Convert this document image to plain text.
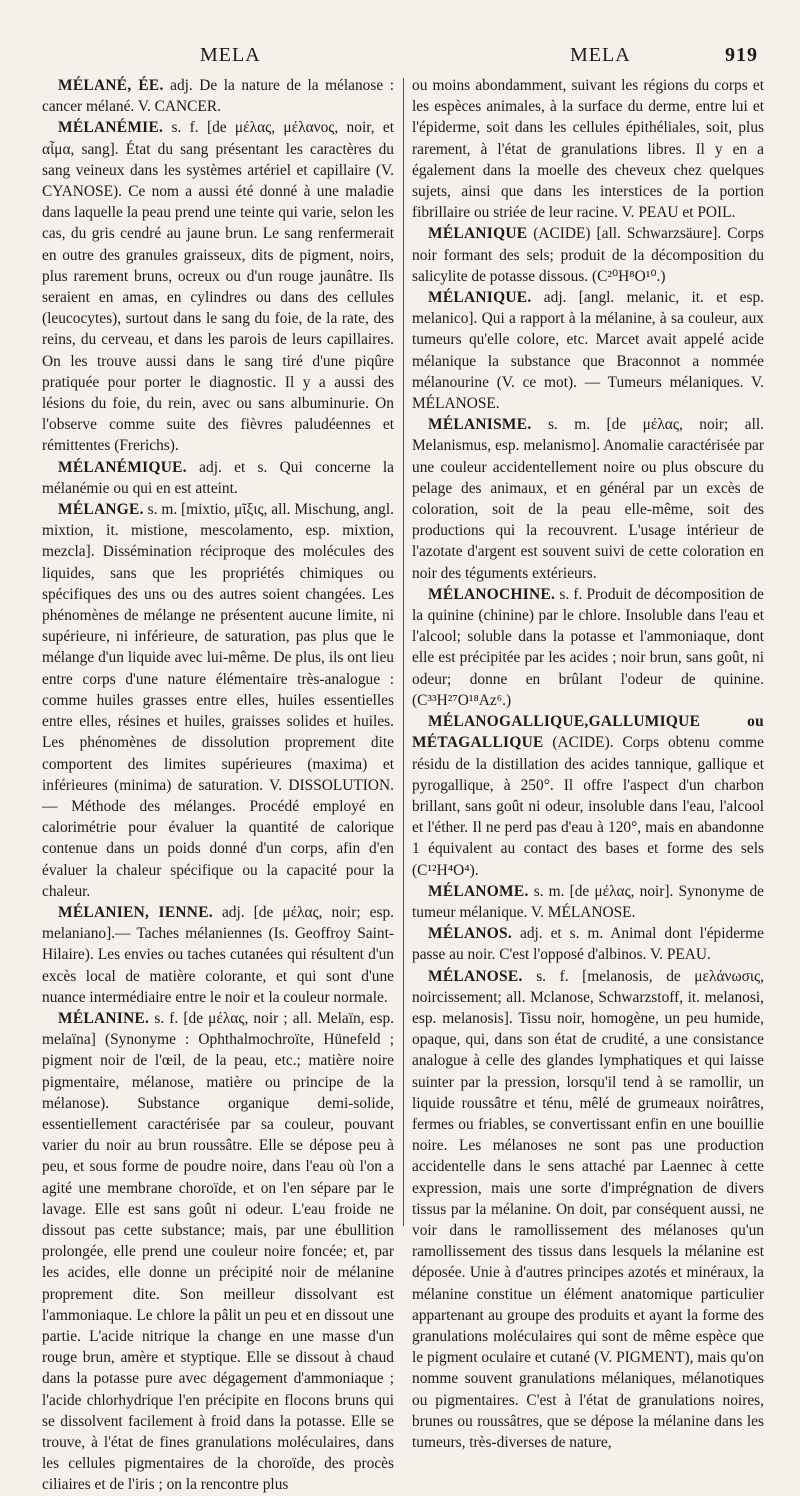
MELA	MELA	919

MÉLANÉ, ÉE. adj. De la nature de la mélanose : cancer mélané. V. CANCER.

MÉLANÉMIE. s. f. [de μέλας, μέλανος, noir, et αἷμα, sang]. État du sang présentant les caractères du sang veineux dans les systèmes artériel et capillaire (V. CYANOSE). Ce nom a aussi été donné à une maladie dans laquelle la peau prend une teinte qui varie, selon les cas, du gris cendré au jaune brun. Le sang renfermerait en outre des granules graisseux, dits de pigment, noirs, plus rarement bruns, ocreux ou d'un rouge jaunâtre. Ils seraient en amas, en cylindres ou dans des cellules (leucocytes), surtout dans le sang du foie, de la rate, des reins, du cerveau, et dans les parois de leurs capillaires. On les trouve aussi dans le sang tiré d'une piqûre pratiquée pour porter le diagnostic. Il y a aussi des lésions du foie, du rein, avec ou sans albuminurie. On l'observe comme suite des fièvres paludéennes et rémittentes (Frerichs).

MÉLANÉMIQUE. adj. et s. Qui concerne la mélanémie ou qui en est atteint.

MÉLANGE. s. m. [mixtio, μῖξις, all. Mischung, angl. mixtion, it. mistione, mescolamento, esp. mixtion, mezcla]. Dissémination réciproque des molécules des liquides, sans que les propriétés chimiques ou spécifiques des uns ou des autres soient changées. Les phénomènes de mélange ne présentent aucune limite, ni supérieure, ni inférieure, de saturation, pas plus que le mélange d'un liquide avec lui-même. De plus, ils ont lieu entre corps d'une nature élémentaire très-analogue : comme huiles grasses entre elles, huiles essentielles entre elles, résines et huiles, graisses solides et huiles. Les phénomènes de dissolution proprement dite comportent des limites supérieures (maxima) et inférieures (minima) de saturation. V. DISSOLUTION.— Méthode des mélanges. Procédé employé en calorimétrie pour évaluer la quantité de calorique contenue dans un poids donné d'un corps, afin d'en évaluer la chaleur spécifique ou la capacité pour la chaleur.

MÉLANIEN, IENNE. adj. [de μέλας, noir; esp. melaniano].— Taches mélaniennes (Is. Geoffroy Saint-Hilaire). Les envies ou taches cutanées qui résultent d'un excès local de matière colorante, et qui sont d'une nuance intermédiaire entre le noir et la couleur normale.

MÉLANINE. s. f. [de μέλας, noir ; all. Melaïn, esp. melaïna] (Synonyme : Ophthalmochroïte, Hünefeld ; pigment noir de l'œil, de la peau, etc.; matière noire pigmentaire, mélanose, matière ou principe de la mélanose). Substance organique demi-solide, essentiellement caractérisée par sa couleur, pouvant varier du noir au brun roussâtre. Elle se dépose peu à peu, et sous forme de poudre noire, dans l'eau où l'on a agité une membrane choroïde, et on l'en sépare par le lavage. Elle est sans goût ni odeur. L'eau froide ne dissout pas cette substance; mais, par une ébullition prolongée, elle prend une couleur noire foncée; et, par les acides, elle donne un précipité noir de mélanine proprement dite. Son meilleur dissolvant est l'ammoniaque. Le chlore la pâlit un peu et en dissout une partie. L'acide nitrique la change en une masse d'un rouge brun, amère et styptique. Elle se dissout à chaud dans la potasse pure avec dégagement d'ammoniaque ; l'acide chlorhydrique l'en précipite en flocons bruns qui se dissolvent facilement à froid dans la potasse. Elle se trouve, à l'état de fines granulations moléculaires, dans les cellules pigmentaires de la choroïde, des procès ciliaires et de l'iris ; on la rencontre plus

ou moins abondamment, suivant les régions du corps et les espèces animales, à la surface du derme, entre lui et l'épiderme, soit dans les cellules épithéliales, soit, plus rarement, à l'état de granulations libres. Il y en a également dans la moelle des cheveux chez quelques sujets, ainsi que dans les interstices de la portion fibrillaire ou striée de leur racine. V. PEAU et POIL.

MÉLANIQUE (ACIDE) [all. Schwarzsäure]. Corps noir formant des sels; produit de la décomposition du salicylite de potasse dissous. (C²⁰H⁸O¹⁰.)

MÉLANIQUE. adj. [angl. melanic, it. et esp. melanico]. Qui a rapport à la mélanine, à sa couleur, aux tumeurs qu'elle colore, etc. Marcet avait appelé acide mélanique la substance que Braconnot a nommée mélanourine (V. ce mot). — Tumeurs mélaniques. V. MÉLANOSE.

MÉLANISME. s. m. [de μέλας, noir; all. Melanismus, esp. melanismo]. Anomalie caractérisée par une couleur accidentellement noire ou plus obscure du pelage des animaux, et en général par un excès de coloration, soit de la peau elle-même, soit des productions qui la recouvrent. L'usage intérieur de l'azotate d'argent est souvent suivi de cette coloration en noir des téguments extérieurs.

MÉLANOCHINE. s. f. Produit de décomposition de la quinine (chinine) par le chlore. Insoluble dans l'eau et l'alcool; soluble dans la potasse et l'ammoniaque, dont elle est précipitée par les acides ; noir brun, sans goût, ni odeur; donne en brûlant l'odeur de quinine. (C³³H²⁷O¹⁸Az⁶.)

MÉLANOGALLIQUE,GALLUMIQUE ou MÉTAGALLIQUE (ACIDE). Corps obtenu comme résidu de la distillation des acides tannique, gallique et pyrogallique, à 250°. Il offre l'aspect d'un charbon brillant, sans goût ni odeur, insoluble dans l'eau, l'alcool et l'éther. Il ne perd pas d'eau à 120°, mais en abandonne 1 équivalent au contact des bases et forme des sels (C¹²H⁴O⁴).

MÉLANOME. s. m. [de μέλας, noir]. Synonyme de tumeur mélanique. V. MÉLANOSE.

MÉLANOS. adj. et s. m. Animal dont l'épiderme passe au noir. C'est l'opposé d'albinos. V. PEAU.

MÉLANOSE. s. f. [melanosis, de μελάνωσις, noircissement; all. Mclanose, Schwarzstoff, it. melanosi, esp. melanosis]. Tissu noir, homogène, un peu humide, opaque, qui, dans son état de crudité, a une consistance analogue à celle des glandes lymphatiques et qui laisse suinter par la pression, lorsqu'il tend à se ramollir, un liquide roussâtre et ténu, mêlé de grumeaux noirâtres, fermes ou friables, se convertissant enfin en une bouillie noire. Les mélanoses ne sont pas une production accidentelle dans le sens attaché par Laennec à cette expression, mais une sorte d'imprégnation de divers tissus par la mélanine. On doit, par conséquent aussi, ne voir dans le ramollissement des mélanoses qu'un ramollissement des tissus dans lesquels la mélanine est déposée. Unie à d'autres principes azotés et minéraux, la mélanine constitue un élément anatomique particulier appartenant au groupe des produits et ayant la forme des granulations moléculaires qui sont de même espèce que le pigment oculaire et cutané (V. PIGMENT), mais qu'on nomme souvent granulations mélaniques, mélanotiques ou pigmentaires. C'est à l'état de granulations noires, brunes ou roussâtres, que se dépose la mélanine dans les tumeurs, très-diverses de nature,
